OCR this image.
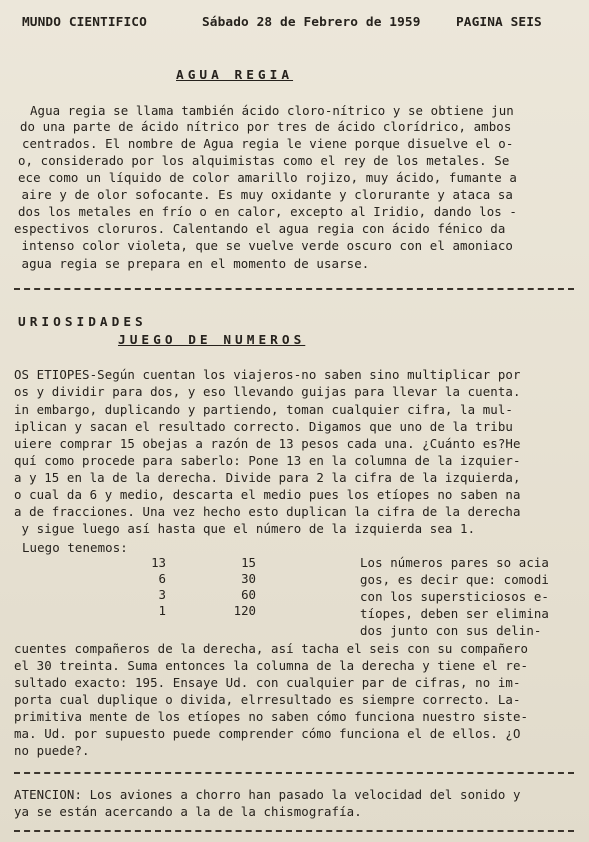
MUNDO CIENTIFICO	Sábado 28 de Febrero de 1959	PAGINA SEIS
AGUA REGIA
Agua regia se llama también ácido cloro-nítrico y se obtiene jun
do una parte de ácido nítrico por tres de ácido clorídrico, ambos
centrados. El nombre de Agua regia le viene porque disuelve el o-
o, considerado por los alquimistas como el rey de los metales. Se
ece como un líquido de color amarillo rojizo, muy ácido, fumante a
aire y de olor sofocante. Es muy oxidante y clorurante y ataca sa
dos los metales en frío o en calor, excepto al Iridio, dando los -
espectivos cloruros. Calentando el agua regia con ácido fénico da
intenso color violeta, que se vuelve verde oscuro con el amoniaco
agua regia se prepara en el momento de usarse.
URIOSIDADES
JUEGO DE NUMEROS
OS ETIOPES-Según cuentan los viajeros-no saben sino multiplicar por
os y dividir para dos, y eso llevando guijas para llevar la cuenta.
in embargo, duplicando y partiendo, toman cualquier cifra, la mul-
iplican y sacan el resultado correcto. Digamos que uno de la tribu
uiere comprar 15 obejas a razón de 13 pesos cada una. ¿Cuánto es?He
quí como procede para saberlo: Pone 13 en la columna de la izquier-
a y 15 en la de la derecha. Divide para 2 la cifra de la izquierda,
o cual da 6 y medio, descarta el medio pues los etíopes no saben na
a de fracciones. Una vez hecho esto duplican la cifra de la derecha
y sigue luego así hasta que el número de la izquierda sea 1.
Luego tenemos:
13	15
6	30
3	60
1	120
Los números pares so acia
gos, es decir que: comodi
con los supersticiosos e-
tíopes, deben ser elimina
dos junto con sus delin-
cuentes compañeros de la derecha, así tacha el seis con su compañero
el 30 treinta. Suma entonces la columna de la derecha y tiene el re-
sultado exacto: 195. Ensaye Ud. con cualquier par de cifras, no im-
porta cual duplique o divida, elrresultado es siempre correcto. La-
primitiva mente de los etíopes no saben cómo funciona nuestro siste-
ma. Ud. por supuesto puede comprender cómo funciona el de ellos. ¿O
no puede?.
ATENCION: Los aviones a chorro han pasado la velocidad del sonido y
ya se están acercando a la de la chismografía.
